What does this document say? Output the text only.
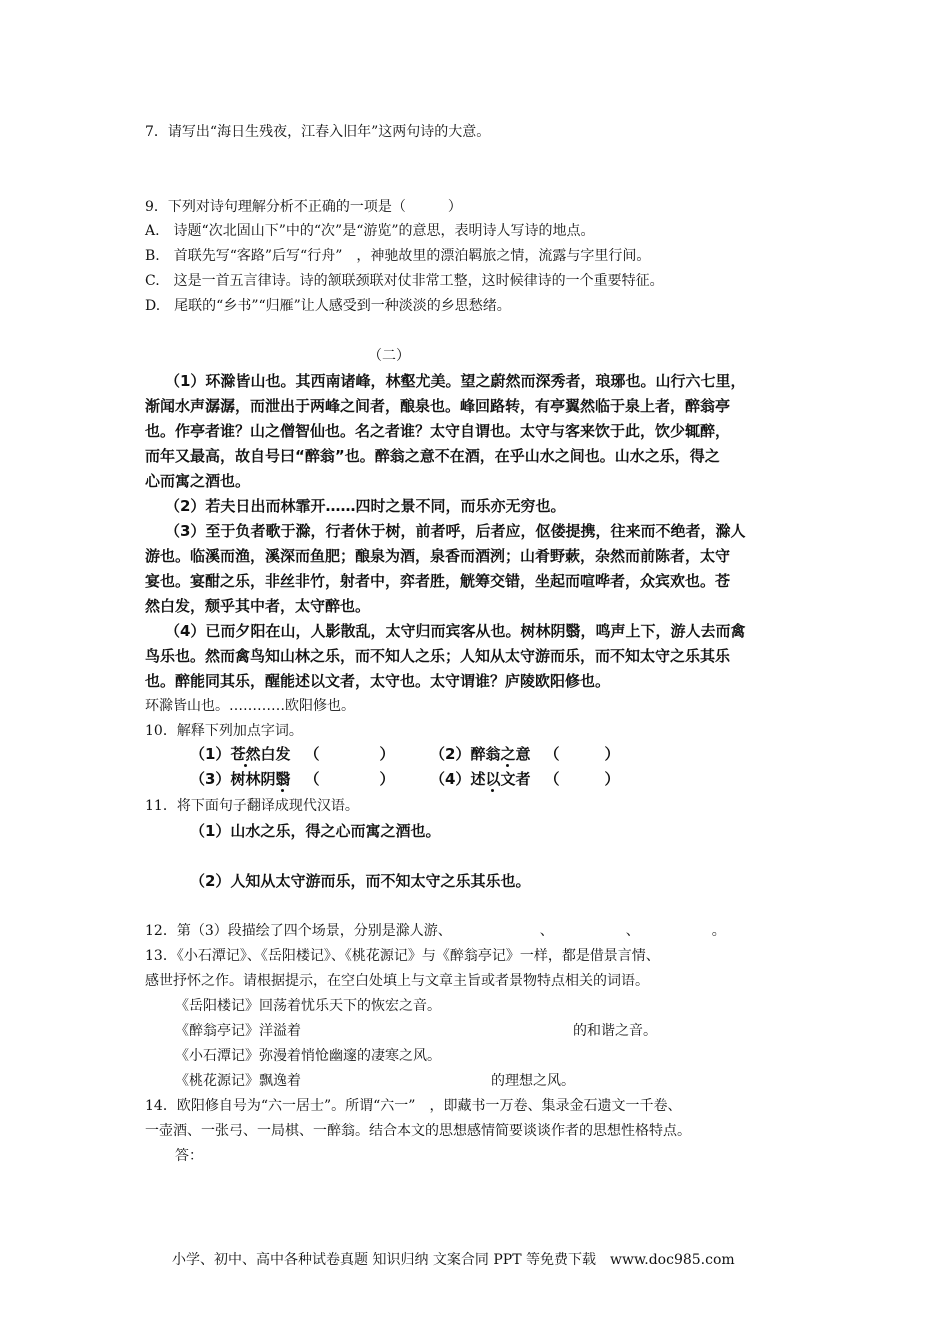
7．请写出“海日生残夜，江春入旧年”这两句诗的大意。
9．下列对诗句理解分析不正确的一项是（　　　）
A.　诗题“次北固山下”中的“次”是“游览”的意思，表明诗人写诗的地点。
B.　首联先写“客路”后写“行舟”　，神驰故里的漂泊羁旅之情，流露与字里行间。
C.　这是一首五言律诗。诗的颔联颈联对仗非常工整，这时候律诗的一个重要特征。
D.　尾联的“乡书”“归雁”让人感受到一种淡淡的乡思愁绪。
（二）
（1）环滁皆山也。其西南诸峰，林壑尤美。望之蔚然而深秀者，琅琊也。山行六七里，
渐闻水声潺潺，而泄出于两峰之间者，酿泉也。峰回路转，有亭翼然临于泉上者，醉翁亭
也。作亭者谁？山之僧智仙也。名之者谁？太守自谓也。太守与客来饮于此，饮少辄醉，
而年又最高，故自号曰“醉翁”也。醉翁之意不在酒，在乎山水之间也。山水之乐，得之
心而寓之酒也。
（2）若夫日出而林霏开……四时之景不同，而乐亦无穷也。
（3）至于负者歌于滁，行者休于树，前者呼，后者应，伛偻提携，往来而不绝者，滁人
游也。临溪而渔，溪深而鱼肥；酿泉为酒，泉香而酒洌；山肴野蔌，杂然而前陈者，太守
宴也。宴酣之乐，非丝非竹，射者中，弈者胜，觥筹交错，坐起而喧哗者，众宾欢也。苍
然白发，颓乎其中者，太守醉也。
（4）已而夕阳在山，人影散乱，太守归而宾客从也。树林阴翳，鸣声上下，游人去而禽
鸟乐也。然而禽鸟知山林之乐，而不知人之乐；人知从太守游而乐，而不知太守之乐其乐
也。醉能同其乐，醒能述以文者，太守也。太守谓谁？庐陵欧阳修也。
环滁皆山也。…………欧阳修也。
10．解释下列加点字词。
（1）苍然白发 （　　　　） （2）醉翁之意 （　　　）
（3）树林阴翳 （　　　　） （4）述以文者 （　　　）
11．将下面句子翻译成现代汉语。
（1）山水之乐，得之心而寓之酒也。
（2）人知从太守游而乐，而不知太守之乐其乐也。
12．第（3）段描绘了四个场景，分别是滁人游、	、	、	。
13．《小石潭记》、《岳阳楼记》、《桃花源记》与《醉翁亭记》一样，都是借景言情、
感世抒怀之作。请根据提示，在空白处填上与文章主旨或者景物特点相关的词语。
《岳阳楼记》回荡着忧乐天下的恢宏之音。
《醉翁亭记》洋溢着	的和谐之音。
《小石潭记》弥漫着悄怆幽邃的凄寒之风。
《桃花源记》飘逸着	的理想之风。
14．欧阳修自号为“六一居士”。所谓“六一”　，即藏书一万卷、集录金石遗文一千卷、
一壶酒、一张弓、一局棋、一醉翁。结合本文的思想感情简要谈谈作者的思想性格特点。
答：
小学、初中、高中各种试卷真题 知识归纳 文案合同 PPT 等免费下载　www.doc985.com
